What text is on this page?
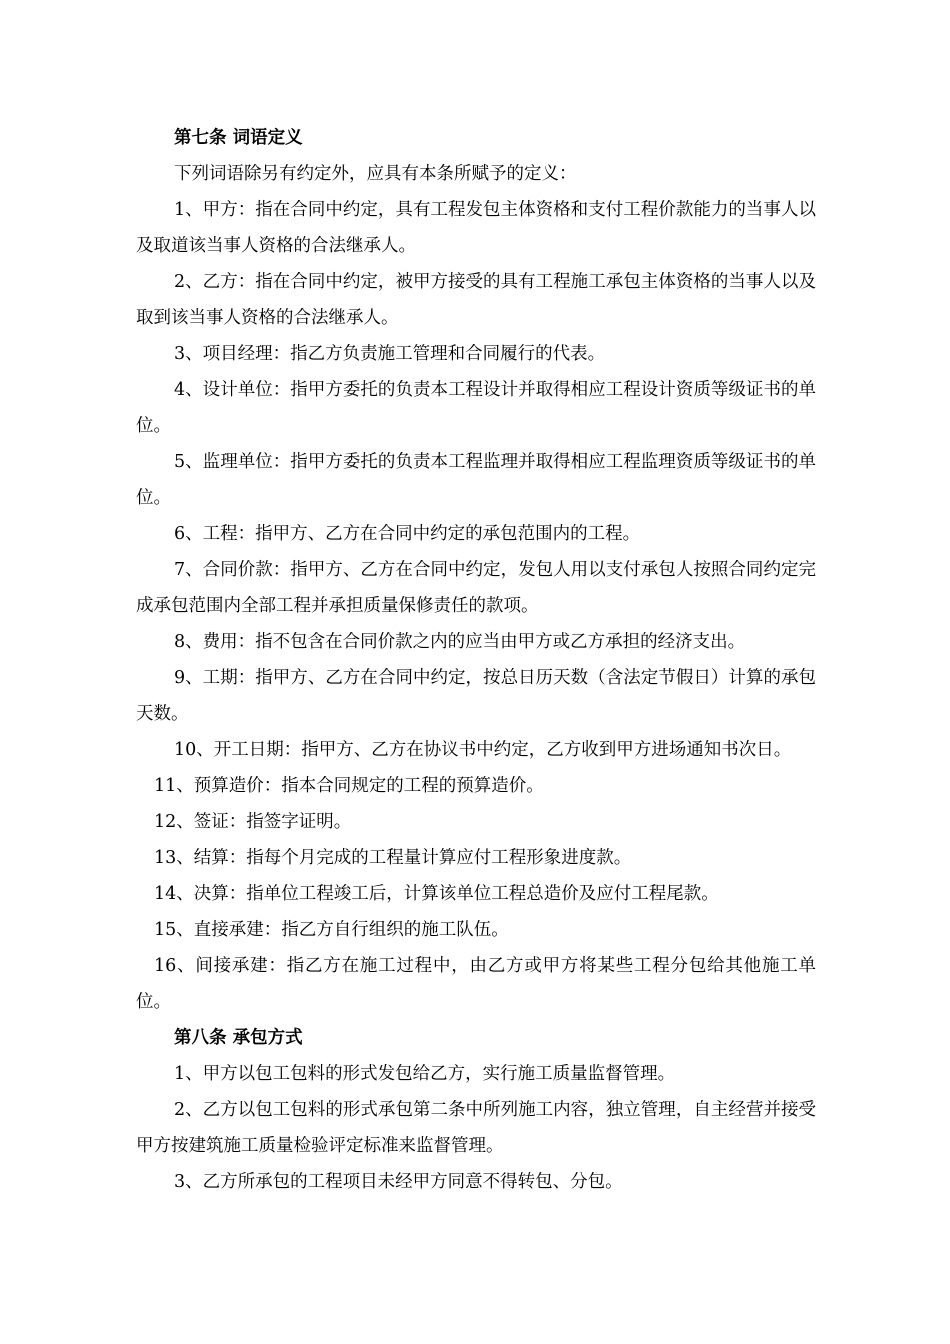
第七条 词语定义

下列词语除另有约定外，应具有本条所赋予的定义：

1、甲方：指在合同中约定，具有工程发包主体资格和支付工程价款能力的当事人以及取道该当事人资格的合法继承人。

2、乙方：指在合同中约定，被甲方接受的具有工程施工承包主体资格的当事人以及取到该当事人资格的合法继承人。

3、项目经理：指乙方负责施工管理和合同履行的代表。

4、设计单位：指甲方委托的负责本工程设计并取得相应工程设计资质等级证书的单位。

5、监理单位：指甲方委托的负责本工程监理并取得相应工程监理资质等级证书的单位。

6、工程：指甲方、乙方在合同中约定的承包范围内的工程。

7、合同价款：指甲方、乙方在合同中约定，发包人用以支付承包人按照合同约定完成承包范围内全部工程并承担质量保修责任的款项。

8、费用：指不包含在合同价款之内的应当由甲方或乙方承担的经济支出。

9、工期：指甲方、乙方在合同中约定，按总日历天数（含法定节假日）计算的承包天数。

10、开工日期：指甲方、乙方在协议书中约定，乙方收到甲方进场通知书次日。

11、预算造价：指本合同规定的工程的预算造价。

12、签证：指签字证明。

13、结算：指每个月完成的工程量计算应付工程形象进度款。

14、决算：指单位工程竣工后，计算该单位工程总造价及应付工程尾款。

15、直接承建：指乙方自行组织的施工队伍。

16、间接承建：指乙方在施工过程中，由乙方或甲方将某些工程分包给其他施工单位。

第八条 承包方式

1、甲方以包工包料的形式发包给乙方，实行施工质量监督管理。

2、乙方以包工包料的形式承包第二条中所列施工内容，独立管理，自主经营并接受甲方按建筑施工质量检验评定标准来监督管理。

3、乙方所承包的工程项目未经甲方同意不得转包、分包。
